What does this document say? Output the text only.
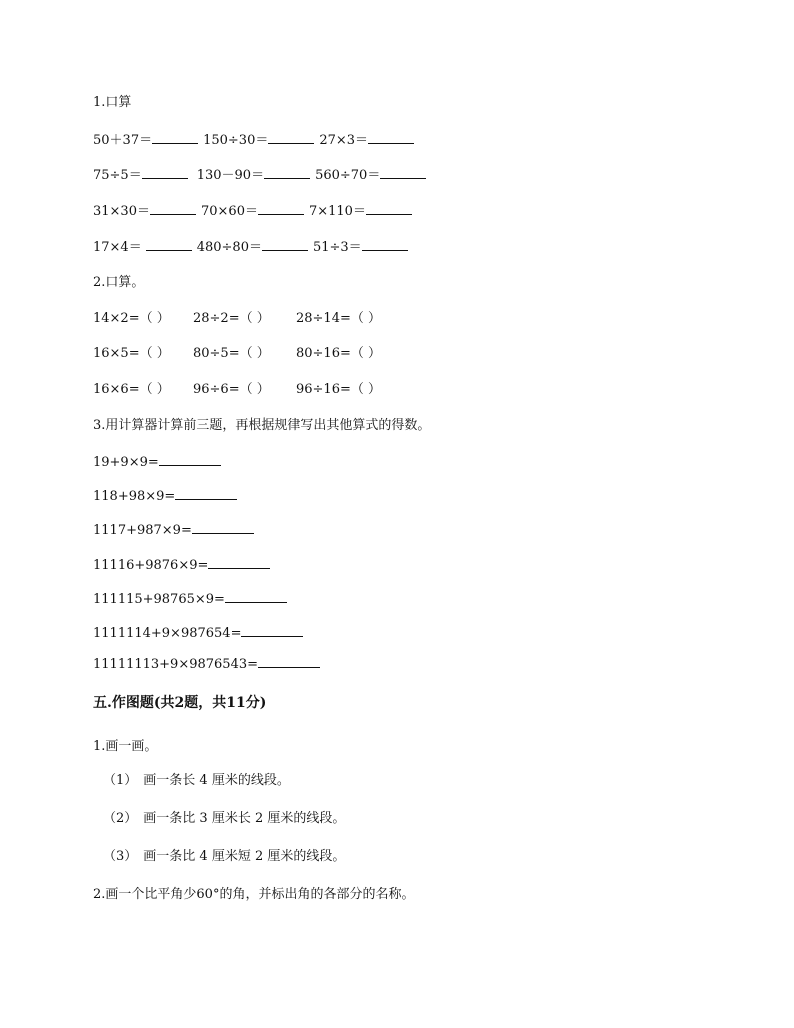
1.口算
50＋37＝	150÷30＝	27×3＝
75÷5＝	130－90＝	560÷70＝
31×30＝	70×60＝	7×110＝
17×4＝	480÷80＝	51÷3＝
2.口算。
14×2=（ ） 28÷2=（ ） 28÷14=（ ）
16×5=（ ） 80÷5=（ ） 80÷16=（ ）
16×6=（ ） 96÷6=（ ） 96÷16=（ ）
3.用计算器计算前三题，再根据规律写出其他算式的得数。
19+9×9=
118+98×9=
1117+987×9=
11116+9876×9=
111115+98765×9=
1111114+9×987654=
11111113+9×9876543=
五.作图题(共2题，共11分)
1.画一画。
（1） 画一条长 4 厘米的线段。
（2） 画一条比 3 厘米长 2 厘米的线段。
（3） 画一条比 4 厘米短 2 厘米的线段。
2.画一个比平角少60°的角，并标出角的各部分的名称。
